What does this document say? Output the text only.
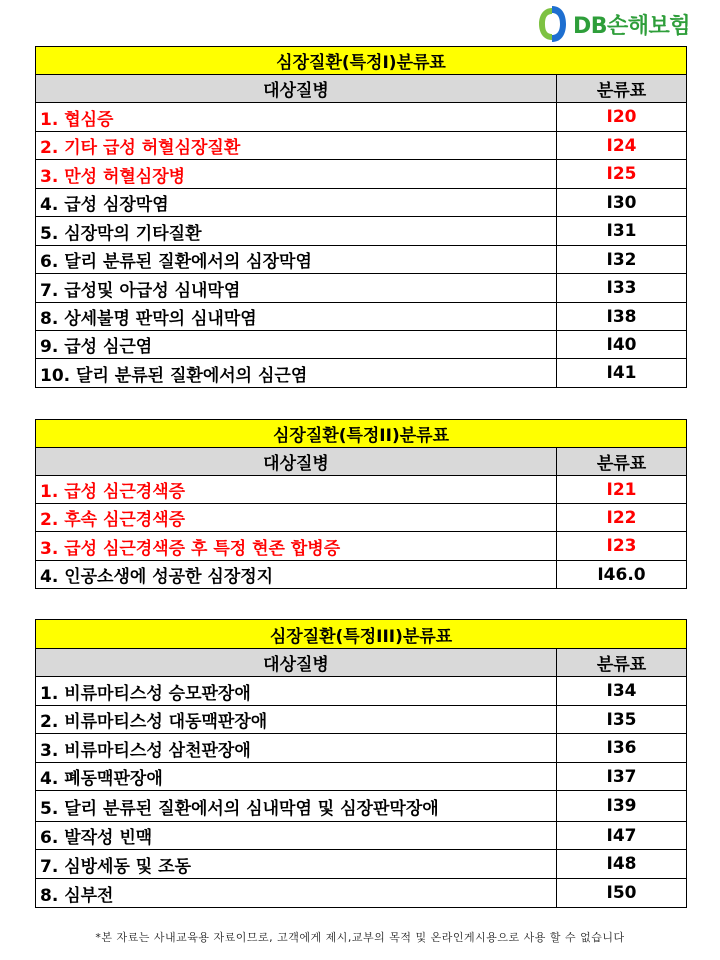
DB손해보험
심장질환(특정I)분류표	
대상질병	분류표
1. 협심증	I20
2. 기타 급성 허혈심장질환	I24
3. 만성 허혈심장병	I25
4. 급성 심장막염	I30
5. 심장막의 기타질환	I31
6. 달리 분류된 질환에서의 심장막염	I32
7. 급성및 아급성 심내막염	I33
8. 상세불명 판막의 심내막염	I38
9. 급성 심근염	I40
10. 달리 분류된 질환에서의 심근염	I41
심장질환(특정II)분류표	
대상질병	분류표
1. 급성 심근경색증	I21
2. 후속 심근경색증	I22
3. 급성 심근경색증 후 특정 현존 합병증	I23
4. 인공소생에 성공한 심장정지	I46.0
심장질환(특정III)분류표	
대상질병	분류표
1. 비류마티스성 승모판장애	I34
2. 비류마티스성 대동맥판장애	I35
3. 비류마티스성 삼천판장애	I36
4. 폐동맥판장애	I37
5. 달리 분류된 질환에서의 심내막염 및 심장판막장애	I39
6. 발작성 빈맥	I47
7. 심방세동 및 조동	I48
8. 심부전	I50
*본 자료는 사내교육용 자료이므로, 고객에게 제시,교부의 목적 및 온라인게시용으로 사용 할 수 없습니다
